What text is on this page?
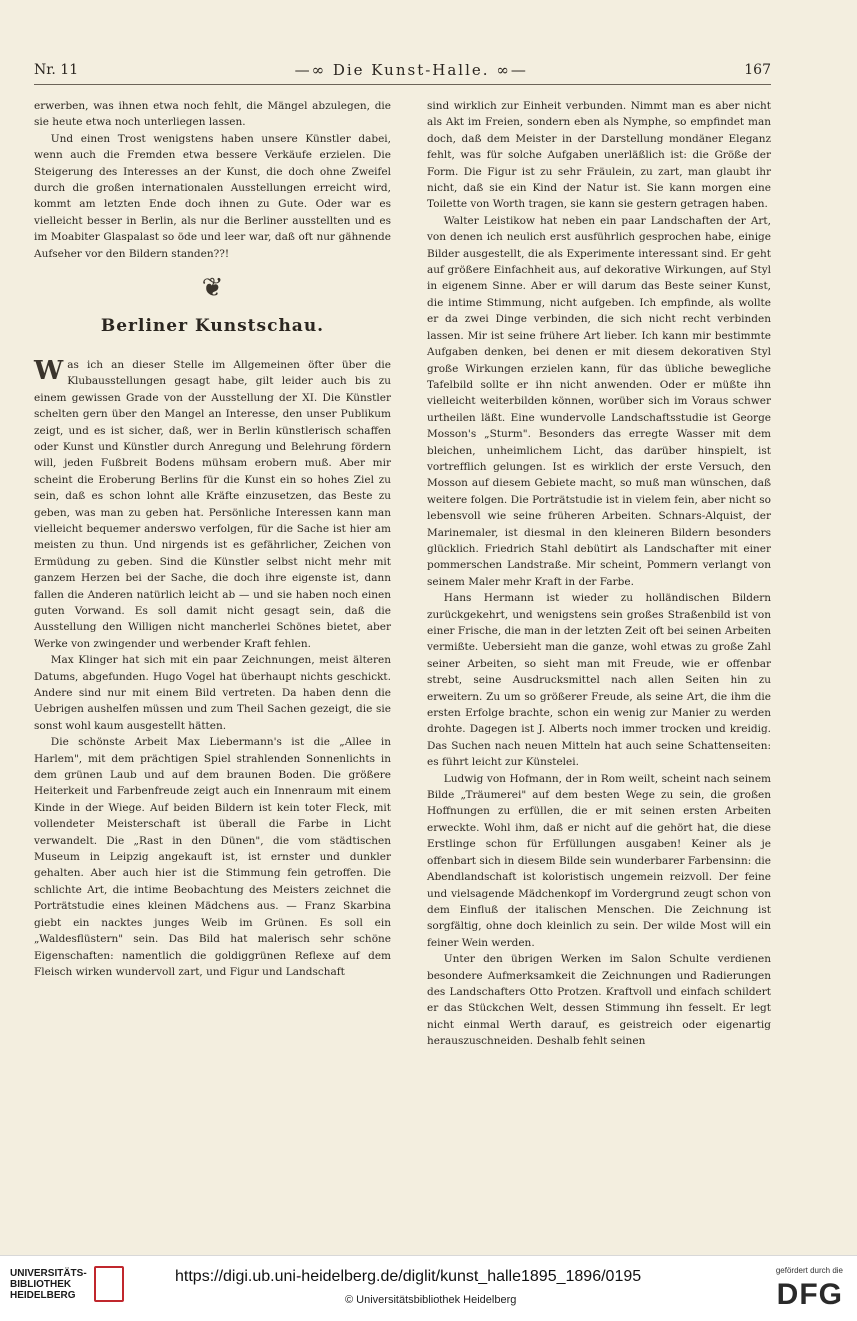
Nr. 11	—∞ Die Kunst-Halle. ∞—	167

erwerben, was ihnen etwa noch fehlt, die Mängel abzulegen, die sie heute etwa noch unterliegen lassen.

Und einen Trost wenigstens haben unsere Künstler dabei, wenn auch die Fremden etwa bessere Verkäufe erzielen. Die Steigerung des Interesses an der Kunst, die doch ohne Zweifel durch die großen internationalen Ausstellungen erreicht wird, kommt am letzten Ende doch ihnen zu Gute. Oder war es vielleicht besser in Berlin, als nur die Berliner ausstellten und es im Moabiter Glaspalast so öde und leer war, daß oft nur gähnende Aufseher vor den Bildern standen??!

❦
Berliner Kunstschau.

Was ich an dieser Stelle im Allgemeinen öfter über die Klubausstellungen gesagt habe, gilt leider auch bis zu einem gewissen Grade von der Ausstellung der XI. Die Künstler schelten gern über den Mangel an Interesse, den unser Publikum zeigt, und es ist sicher, daß, wer in Berlin künstlerisch schaffen oder Kunst und Künstler durch Anregung und Belehrung fördern will, jeden Fußbreit Bodens mühsam erobern muß. Aber mir scheint die Eroberung Berlins für die Kunst ein so hohes Ziel zu sein, daß es schon lohnt alle Kräfte einzusetzen, das Beste zu geben, was man zu geben hat. Persönliche Interessen kann man vielleicht bequemer anderswo verfolgen, für die Sache ist hier am meisten zu thun. Und nirgends ist es gefährlicher, Zeichen von Ermüdung zu geben. Sind die Künstler selbst nicht mehr mit ganzem Herzen bei der Sache, die doch ihre eigenste ist, dann fallen die Anderen natürlich leicht ab — und sie haben noch einen guten Vorwand. Es soll damit nicht gesagt sein, daß die Ausstellung den Willigen nicht mancherlei Schönes bietet, aber Werke von zwingender und werbender Kraft fehlen.

Max Klinger hat sich mit ein paar Zeichnungen, meist älteren Datums, abgefunden. Hugo Vogel hat überhaupt nichts geschickt. Andere sind nur mit einem Bild vertreten. Da haben denn die Uebrigen aushelfen müssen und zum Theil Sachen gezeigt, die sie sonst wohl kaum ausgestellt hätten.

Die schönste Arbeit Max Liebermann's ist die „Allee in Harlem", mit dem prächtigen Spiel strahlenden Sonnenlichts in dem grünen Laub und auf dem braunen Boden. Die größere Heiterkeit und Farbenfreude zeigt auch ein Innenraum mit einem Kinde in der Wiege. Auf beiden Bildern ist kein toter Fleck, mit vollendeter Meisterschaft ist überall die Farbe in Licht verwandelt. Die „Rast in den Dünen", die vom städtischen Museum in Leipzig angekauft ist, ist ernster und dunkler gehalten. Aber auch hier ist die Stimmung fein getroffen. Die schlichte Art, die intime Beobachtung des Meisters zeichnet die Porträtstudie eines kleinen Mädchens aus. — Franz Skarbina giebt ein nacktes junges Weib im Grünen. Es soll ein „Waldesflüstern" sein. Das Bild hat malerisch sehr schöne Eigenschaften: namentlich die goldiggrünen Reflexe auf dem Fleisch wirken wundervoll zart, und Figur und Landschaft

sind wirklich zur Einheit verbunden. Nimmt man es aber nicht als Akt im Freien, sondern eben als Nymphe, so empfindet man doch, daß dem Meister in der Darstellung mondäner Eleganz fehlt, was für solche Aufgaben unerläßlich ist: die Größe der Form. Die Figur ist zu sehr Fräulein, zu zart, man glaubt ihr nicht, daß sie ein Kind der Natur ist. Sie kann morgen eine Toilette von Worth tragen, sie kann sie gestern getragen haben.

Walter Leistikow hat neben ein paar Landschaften der Art, von denen ich neulich erst ausführlich gesprochen habe, einige Bilder ausgestellt, die als Experimente interessant sind. Er geht auf größere Einfachheit aus, auf dekorative Wirkungen, auf Styl in eigenem Sinne. Aber er will darum das Beste seiner Kunst, die intime Stimmung, nicht aufgeben. Ich empfinde, als wollte er da zwei Dinge verbinden, die sich nicht recht verbinden lassen. Mir ist seine frühere Art lieber. Ich kann mir bestimmte Aufgaben denken, bei denen er mit diesem dekorativen Styl große Wirkungen erzielen kann, für das übliche bewegliche Tafelbild sollte er ihn nicht anwenden. Oder er müßte ihn vielleicht weiterbilden können, worüber sich im Voraus schwer urtheilen läßt. Eine wundervolle Landschaftsstudie ist George Mosson's „Sturm". Besonders das erregte Wasser mit dem bleichen, unheimlichem Licht, das darüber hinspielt, ist vortrefflich gelungen. Ist es wirklich der erste Versuch, den Mosson auf diesem Gebiete macht, so muß man wünschen, daß weitere folgen. Die Porträtstudie ist in vielem fein, aber nicht so lebensvoll wie seine früheren Arbeiten. Schnars-Alquist, der Marinemaler, ist diesmal in den kleineren Bildern besonders glücklich. Friedrich Stahl debütirt als Landschafter mit einer pommerschen Landstraße. Mir scheint, Pommern verlangt von seinem Maler mehr Kraft in der Farbe.

Hans Hermann ist wieder zu holländischen Bildern zurückgekehrt, und wenigstens sein großes Straßenbild ist von einer Frische, die man in der letzten Zeit oft bei seinen Arbeiten vermißte. Uebersieht man die ganze, wohl etwas zu große Zahl seiner Arbeiten, so sieht man mit Freude, wie er offenbar strebt, seine Ausdrucksmittel nach allen Seiten hin zu erweitern. Zu um so größerer Freude, als seine Art, die ihm die ersten Erfolge brachte, schon ein wenig zur Manier zu werden drohte. Dagegen ist J. Alberts noch immer trocken und kreidig. Das Suchen nach neuen Mitteln hat auch seine Schattenseiten: es führt leicht zur Künstelei.

Ludwig von Hofmann, der in Rom weilt, scheint nach seinem Bilde „Träumerei" auf dem besten Wege zu sein, die großen Hoffnungen zu erfüllen, die er mit seinen ersten Arbeiten erweckte. Wohl ihm, daß er nicht auf die gehört hat, die diese Erstlinge schon für Erfüllungen ausgaben! Keiner als je offenbart sich in diesem Bilde sein wunderbarer Farbensinn: die Abendlandschaft ist koloristisch ungemein reizvoll. Der feine und vielsagende Mädchenkopf im Vordergrund zeugt schon von dem Einfluß der italischen Menschen. Die Zeichnung ist sorgfältig, ohne doch kleinlich zu sein. Der wilde Most will ein feiner Wein werden.

Unter den übrigen Werken im Salon Schulte verdienen besondere Aufmerksamkeit die Zeichnungen und Radierungen des Landschafters Otto Protzen. Kraftvoll und einfach schildert er das Stückchen Welt, dessen Stimmung ihn fesselt. Er legt nicht einmal Werth darauf, es geistreich oder eigenartig herauszuschneiden. Deshalb fehlt seinen

UNIVERSITÄTS-
BIBLIOTHEK
HEIDELBERG
https://digi.ub.uni-heidelberg.de/diglit/kunst_halle1895_1896/0195
© Universitätsbibliothek Heidelberg
gefördert durch die
DFG
